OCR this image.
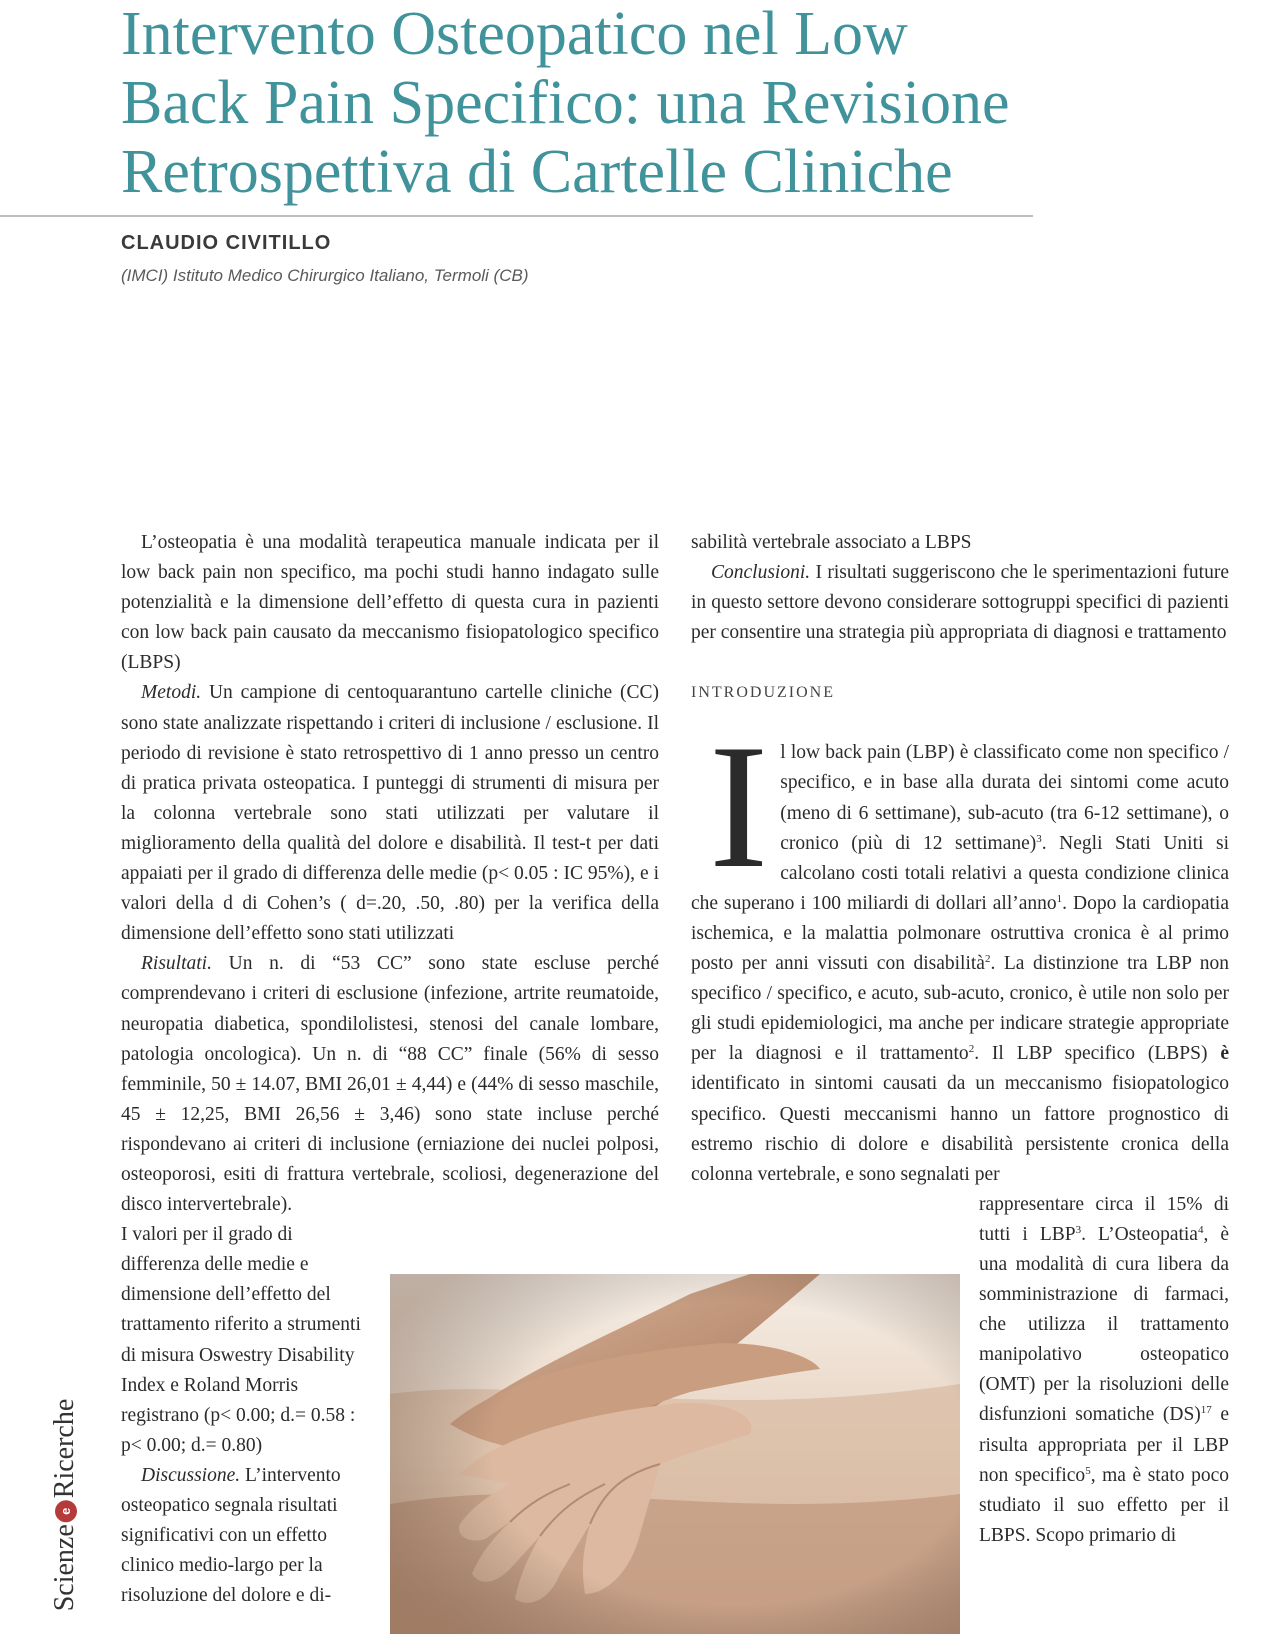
Intervento Osteopatico nel Low
Back Pain Specifico: una Revisione
Retrospettiva di Cartelle Cliniche

CLAUDIO CIVITILLO

(IMCI) Istituto Medico Chirurgico Italiano, Termoli (CB)

L’osteopatia è una modalità terapeutica manuale indicata per il low back pain non specifico, ma pochi studi hanno indagato sulle potenzialità e la dimensione dell’effetto di questa cura in pazienti con low back pain causato da meccanismo fisiopatologico specifico (LBPS)

Metodi. Un campione di centoquarantuno cartelle cliniche (CC) sono state analizzate rispettando i criteri di inclusione / esclusione. Il periodo di revisione è stato retrospettivo di 1 anno presso un centro di pratica privata osteopatica. I punteggi di strumenti di misura per la colonna vertebrale sono stati utilizzati per valutare il miglioramento della qualità del dolore e disabilità. Il test-t per dati appaiati per il grado di differenza delle medie (p< 0.05 : IC 95%), e i valori della d di Cohen’s ( d=.20, .50, .80) per la verifica della dimensione dell’effetto sono stati utilizzati

Risultati. Un n. di “53 CC” sono state escluse perché comprendevano i criteri di esclusione (infezione, artrite reumatoide, neuropatia diabetica, spondilolistesi, stenosi del canale lombare, patologia oncologica). Un n. di “88 CC” finale (56% di sesso femminile, 50 ± 14.07, BMI 26,01 ± 4,44) e (44% di sesso maschile, 45 ± 12,25, BMI 26,56 ± 3,46) sono state incluse perché rispondevano ai criteri di inclusione (erniazione dei nuclei polposi, osteoporosi, esiti di frattura vertebrale, scoliosi, degenerazione del disco intervertebrale).

I valori per il grado di differenza delle medie e dimensione dell’effetto del trattamento riferito a strumenti di misura Oswestry Disability Index e Roland Morris registrano (p< 0.00; d.= 0.58 : p< 0.00; d.= 0.80)

Discussione. L’intervento osteopatico segnala risultati significativi con un effetto clinico medio-largo per la risoluzione del dolore e di-

sabilità vertebrale associato a LBPS

Conclusioni. I risultati suggeriscono che le sperimentazioni future in questo settore devono considerare sottogruppi specifici di pazienti per consentire una strategia più appropriata di diagnosi e trattamento

INTRODUZIONE

Il low back pain (LBP) è classificato come non specifico / specifico, e in base alla durata dei sintomi come acuto (meno di 6 settimane), sub-acuto (tra 6-12 settimane), o cronico (più di 12 settimane)$^3$. Negli Stati Uniti si calcolano costi totali relativi a questa condizione clinica che superano i 100 miliardi di dollari all’anno$^1$. Dopo la cardiopatia ischemica, e la malattia polmonare ostruttiva cronica è al primo posto per anni vissuti con disabilità$^2$. La distinzione tra LBP non specifico / specifico, e acuto, sub-acuto, cronico, è utile non solo per gli studi epidemiologici, ma anche per indicare strategie appropriate per la diagnosi e il trattamento$^2$. Il LBP specifico (LBPS) è identificato in sintomi causati da un meccanismo fisiopatologico specifico. Questi meccanismi hanno un fattore prognostico di estremo rischio di dolore e disabilità persistente cronica della colonna vertebrale, e sono segnalati per

rappresentare circa il 15% di tutti i LBP$^3$. L’Osteopatia$^4$, è una modalità di cura libera da somministrazione di farmaci, che utilizza il trattamento manipolativo osteopatico (OMT) per la risoluzioni delle disfunzioni somatiche (DS)$^{17}$ e risulta appropriata per il LBP non specifico$^5$, ma è stato poco studiato il suo effetto per il LBPS. Scopo primario di

ScienzeeRicerche
